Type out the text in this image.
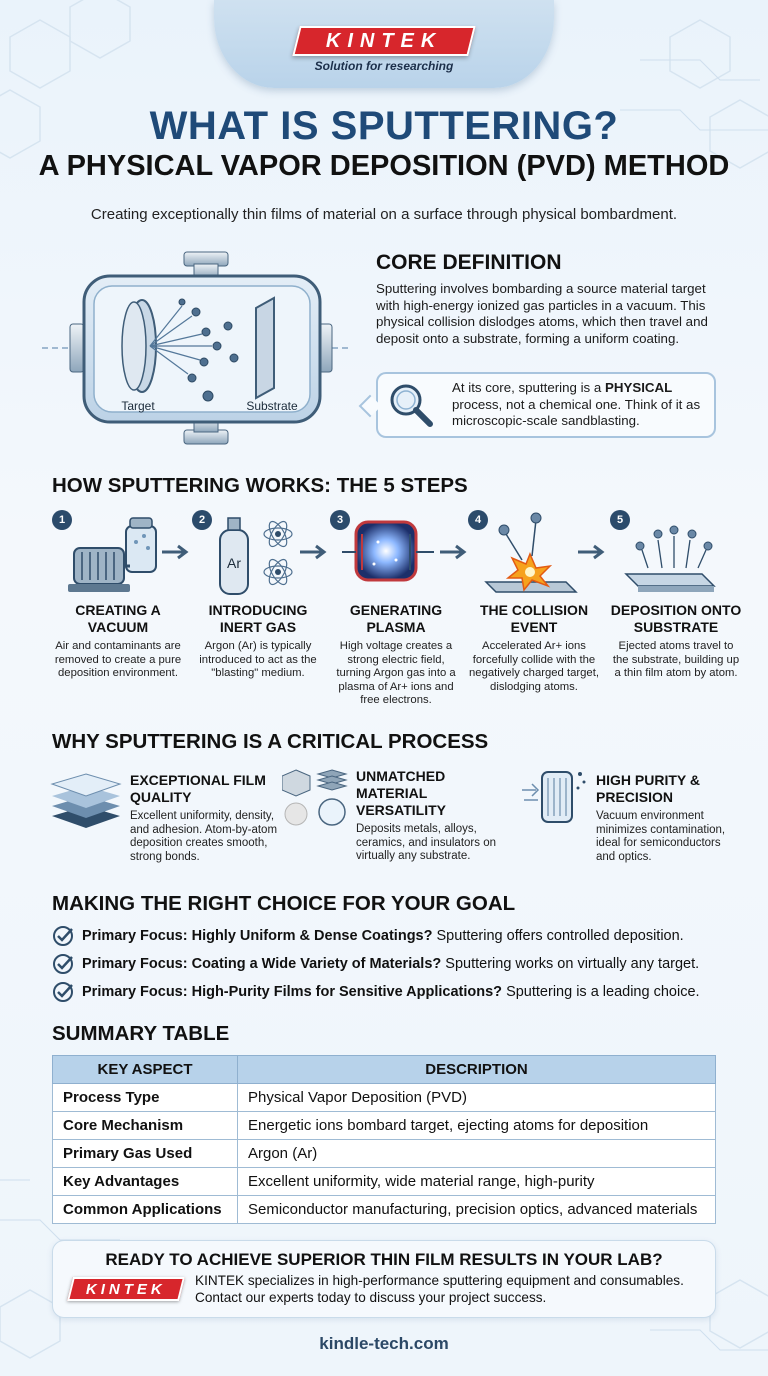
KINTEK
Solution for researching
WHAT IS SPUTTERING?
A PHYSICAL VAPOR DEPOSITION (PVD) METHOD
Creating exceptionally thin films of material on a surface through physical bombardment.
Target	Substrate
CORE DEFINITION
Sputtering involves bombarding a source material target with high-energy ionized gas particles in a vacuum. This physical collision dislodges atoms, which then travel and deposit onto a substrate, forming a uniform coating.
At its core, sputtering is a PHYSICAL process, not a chemical one. Think of it as microscopic-scale sandblasting.
HOW SPUTTERING WORKS: THE 5 STEPS
1
CREATING A VACUUM
Air and contaminants are removed to create a pure deposition environment.
Ar
2
INTRODUCING INERT GAS
Argon (Ar) is typically introduced to act as the "blasting" medium.
3
GENERATING PLASMA
High voltage creates a strong electric field, turning Argon gas into a plasma of Ar+ ions and free electrons.
4
THE COLLISION EVENT
Accelerated Ar+ ions forcefully collide with the negatively charged target, dislodging atoms.
5
DEPOSITION ONTO SUBSTRATE
Ejected atoms travel to the substrate, building up a thin film atom by atom.
WHY SPUTTERING IS A CRITICAL PROCESS
EXCEPTIONAL FILM QUALITY
Excellent uniformity, density, and adhesion. Atom-by-atom deposition creates smooth, strong bonds.
UNMATCHED MATERIAL VERSATILITY
Deposits metals, alloys, ceramics, and insulators on virtually any substrate.
HIGH PURITY & PRECISION
Vacuum environment minimizes contamination, ideal for semiconductors and optics.
MAKING THE RIGHT CHOICE FOR YOUR GOAL
Primary Focus: Highly Uniform & Dense Coatings? Sputtering offers controlled deposition.
Primary Focus: Coating a Wide Variety of Materials? Sputtering works on virtually any target.
Primary Focus: High-Purity Films for Sensitive Applications? Sputtering is a leading choice.
SUMMARY TABLE
KEY ASPECT	DESCRIPTION
Process Type	Physical Vapor Deposition (PVD)
Core Mechanism	Energetic ions bombard target, ejecting atoms for deposition
Primary Gas Used	Argon (Ar)
Key Advantages	Excellent uniformity, wide material range, high-purity
Common Applications	Semiconductor manufacturing, precision optics, advanced materials
READY TO ACHIEVE SUPERIOR THIN FILM RESULTS IN YOUR LAB?
KINTEK KINTEK specializes in high-performance sputtering equipment and consumables. Contact our experts today to discuss your project success.
kindle-tech.com
